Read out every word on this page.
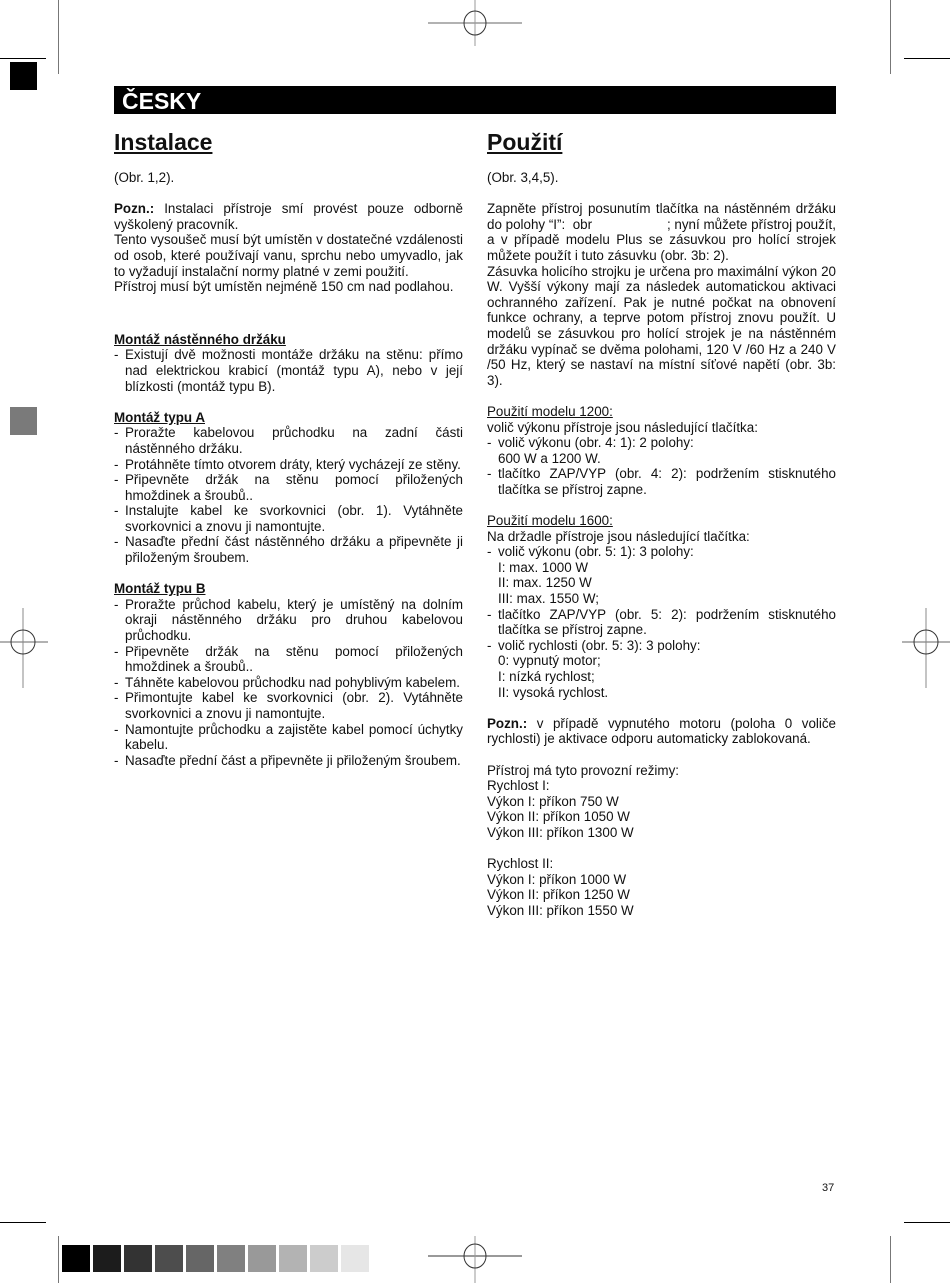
ČESKY
Instalace

(Obr. 1,2).

Pozn.: Instalaci přístroje smí provést pouze odborně vyškolený pracovník.

Tento vysoušeč musí být umístěn v dostatečné vzdálenosti od osob, které používají vanu, sprchu nebo umyvadlo, jak to vyžadují instalační normy platné v zemi použití.

Přístroj musí být umístěn nejméně 150 cm nad podlahou.

Montáž nástěnného držáku

- Existují dvě možnosti montáže držáku na stěnu: přímo nad elektrickou krabicí (montáž typu A), nebo v její blízkosti (montáž typu B).

Montáž typu A

- Proražte kabelovou průchodku na zadní části nástěnného držáku.
- Protáhněte tímto otvorem dráty, který vycházejí ze stěny.
- Připevněte držák na stěnu pomocí přiložených hmoždinek a šroubů..
- Instalujte kabel ke svorkovnici (obr. 1). Vytáhněte svorkovnici a znovu ji namontujte.
- Nasaďte přední část nástěnného držáku a připevněte ji přiloženým šroubem.

Montáž typu B

- Proražte průchod kabelu, který je umístěný na dolním okraji nástěnného držáku pro druhou kabelovou průchodku.
- Připevněte držák na stěnu pomocí přiložených hmoždinek a šroubů..
- Táhněte kabelovou průchodku nad pohyblivým kabelem.
- Přimontujte kabel ke svorkovnici (obr. 2). Vytáhněte svorkovnici a znovu ji namontujte.
- Namontujte průchodku a zajistěte kabel pomocí úchytky kabelu.
- Nasaďte přední část a připevněte ji přiloženým šroubem.
Použití

(Obr. 3,4,5).

Zapněte přístroj posunutím tlačítka na nástěnném držáku do polohy “I”:  obr                    ; nyní můžete přístroj použít, a v případě modelu Plus se zásuvkou pro holící strojek můžete použít i tuto zásuvku (obr. 3b: 2).

Zásuvka holicího strojku je určena pro maximální výkon 20 W. Vyšší výkony mají za následek automatickou aktivaci ochranného zařízení. Pak je nutné počkat na obnovení funkce ochrany, a teprve potom přístroj znovu použít. U modelů se zásuvkou pro holící strojek je na nástěnném držáku vypínač se dvěma polohami, 120 V /60 Hz a 240 V /50 Hz, který se nastaví na místní síťové napětí (obr. 3b: 3).

Použití modelu 1200:

volič výkonu přístroje jsou následující tlačítka:

- volič výkonu (obr. 4: 1): 2 polohy:
600 W a 1200 W.
- tlačítko ZAP/VYP (obr. 4: 2): podržením stisknutého tlačítka se přístroj zapne.

Použití modelu 1600:

Na držadle přístroje jsou následující tlačítka:

- volič výkonu (obr. 5: 1): 3 polohy:
I: max. 1000 W
II: max. 1250 W
III: max. 1550 W;
- tlačítko ZAP/VYP (obr. 5: 2): podržením stisknutého tlačítka se přístroj zapne.
- volič rychlosti (obr. 5: 3): 3 polohy:
0: vypnutý motor;
I: nízká rychlost;
II: vysoká rychlost.

Pozn.: v případě vypnutého motoru (poloha 0 voliče rychlosti) je aktivace odporu automaticky zablokovaná.

Přístroj má tyto provozní režimy:
Rychlost I:
Výkon I: příkon 750 W
Výkon II: příkon 1050 W
Výkon III: příkon 1300 W
Rychlost II:
Výkon I: příkon 1000 W
Výkon II: příkon 1250 W
Výkon III: příkon 1550 W
37
